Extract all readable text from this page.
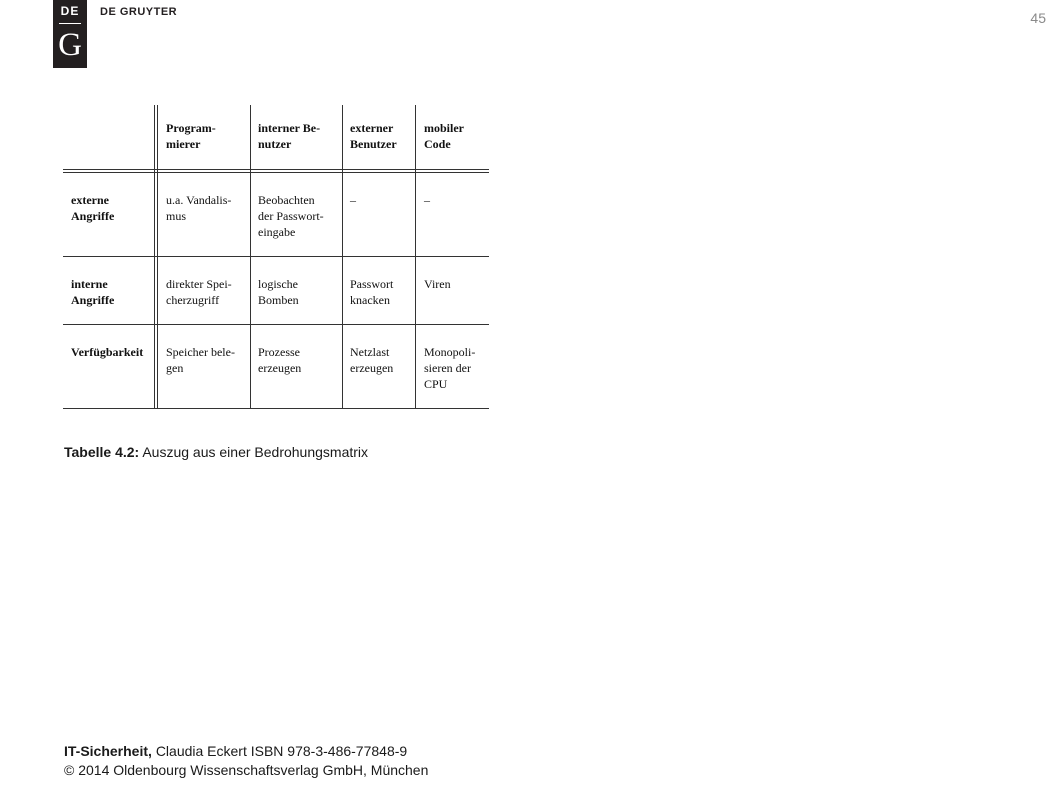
DE
G
DE GRUYTER	45
Program-
mierer
interner Be-
nutzer
externer
Benutzer
mobiler
Code
externe
Angriffe
u.a. Vandalis-
mus
Beobachten
der Passwort-
eingabe
–	–
interne
Angriffe
direkter Spei-
cherzugriff
logische
Bomben
Passwort
knacken
Viren
Verfügbarkeit Speicher bele-
gen
Prozesse
erzeugen
Netzlast
erzeugen
Monopoli-
sieren der
CPU
Tabelle 4.2: Auszug aus einer Bedrohungsmatrix
IT-Sicherheit, Claudia Eckert ISBN 978-3-486-77848-9
© 2014 Oldenbourg Wissenschaftsverlag GmbH, München
